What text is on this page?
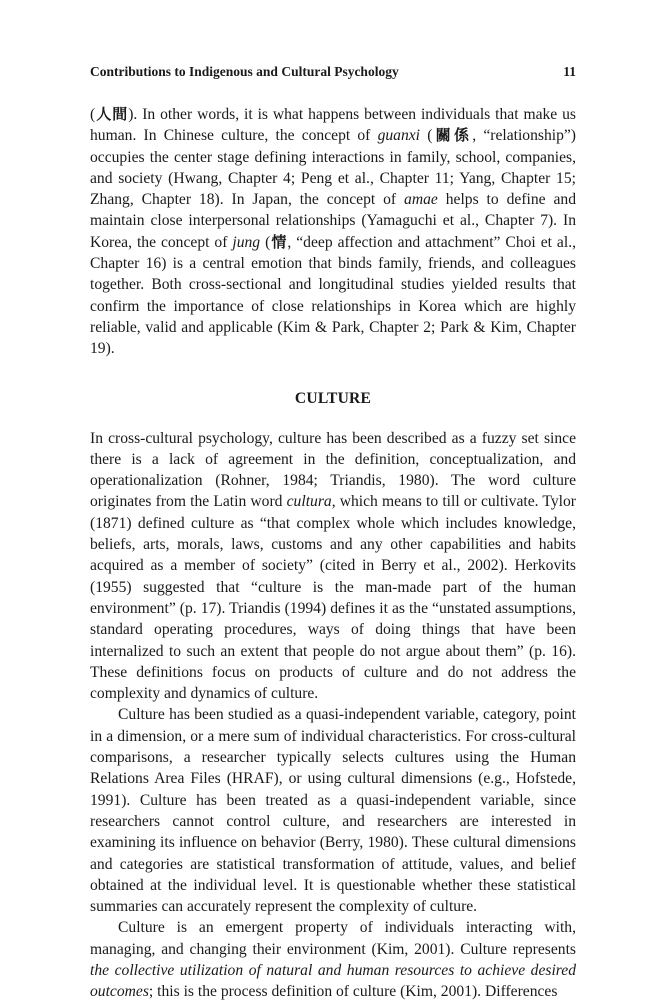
Contributions to Indigenous and Cultural Psychology	11

(人間). In other words, it is what happens between individuals that make us human. In Chinese culture, the concept of guanxi (關係, “relationship”) occupies the center stage defining interactions in family, school, companies, and society (Hwang, Chapter 4; Peng et al., Chapter 11; Yang, Chapter 15; Zhang, Chapter 18). In Japan, the concept of amae helps to define and maintain close interpersonal relationships (Yamaguchi et al., Chapter 7). In Korea, the concept of jung (情, “deep affection and attachment” Choi et al., Chapter 16) is a central emotion that binds family, friends, and colleagues together. Both cross-sectional and longitudinal studies yielded results that confirm the importance of close relationships in Korea which are highly reliable, valid and applicable (Kim & Park, Chapter 2; Park & Kim, Chapter 19).

CULTURE

In cross-cultural psychology, culture has been described as a fuzzy set since there is a lack of agreement in the definition, conceptualization, and operationalization (Rohner, 1984; Triandis, 1980). The word culture originates from the Latin word cultura, which means to till or cultivate. Tylor (1871) defined culture as “that complex whole which includes knowledge, beliefs, arts, morals, laws, customs and any other capabilities and habits acquired as a member of society” (cited in Berry et al., 2002). Herkovits (1955) suggested that “culture is the man-made part of the human environment” (p. 17). Triandis (1994) defines it as the “unstated assumptions, standard operating procedures, ways of doing things that have been internalized to such an extent that people do not argue about them” (p. 16). These definitions focus on products of culture and do not address the complexity and dynamics of culture.

Culture has been studied as a quasi-independent variable, category, point in a dimension, or a mere sum of individual characteristics. For cross-cultural comparisons, a researcher typically selects cultures using the Human Relations Area Files (HRAF), or using cultural dimensions (e.g., Hofstede, 1991). Culture has been treated as a quasi-independent variable, since researchers cannot control culture, and researchers are interested in examining its influence on behavior (Berry, 1980). These cultural dimensions and categories are statistical transformation of attitude, values, and belief obtained at the individual level. It is questionable whether these statistical summaries can accurately represent the complexity of culture.

Culture is an emergent property of individuals interacting with, managing, and changing their environment (Kim, 2001). Culture represents the collective utilization of natural and human resources to achieve desired outcomes; this is the process definition of culture (Kim, 2001). Differences
